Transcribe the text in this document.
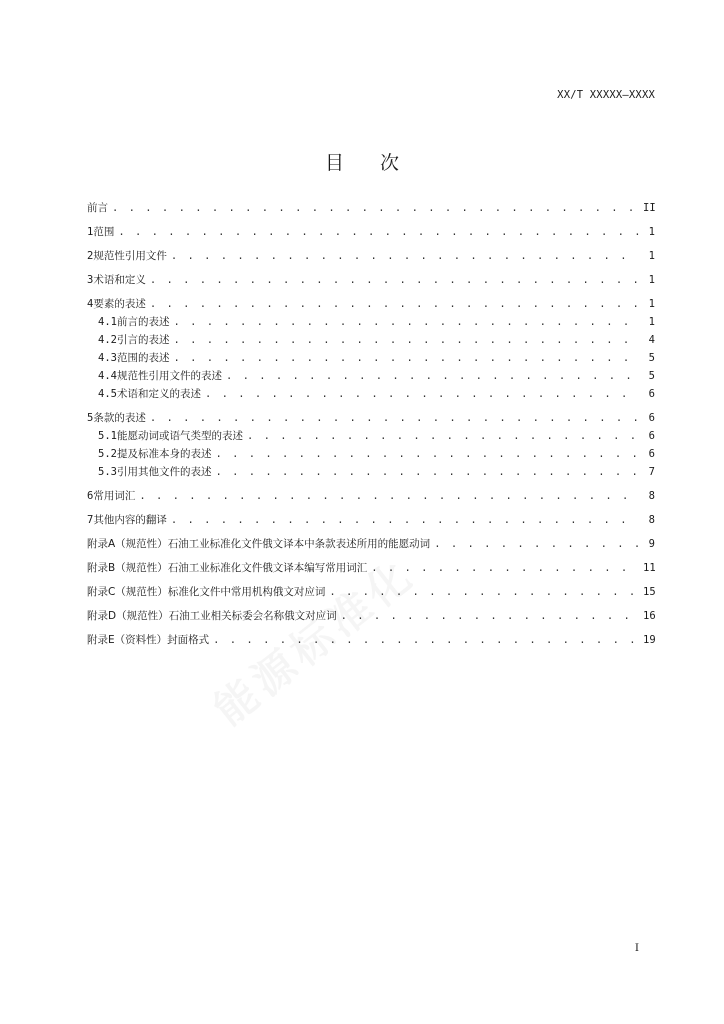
XX/T XXXXX—XXXX
目次
前言 . . .	II
1 范围 . . .	1
2 规范性引用文件 . . .	1
3 术语和定义 . . .	1
4 要素的表述 . . .	1
4.1 前言的表述 . . .	1
4.2 引言的表述 . . .	4
4.3 范围的表述 . . .	5
4.4 规范性引用文件的表述 . . .	5
4.5 术语和定义的表述 . . .	6
5 条款的表述 . . .	6
5.1 能愿动词或语气类型的表述 . . .	6
5.2 提及标准本身的表述 . . .	6
5.3 引用其他文件的表述 . . .	7
6 常用词汇 . . .	8
7 其他内容的翻译 . . .	8
附录A（规范性） 石油工业标准化文件俄文译本中条款表述所用的能愿动词 . . .	9
附录B（规范性） 石油工业标准化文件俄文译本编写常用词汇 . . .	11
附录C（规范性） 标准化文件中常用机构俄文对应词 . . .	15
附录D（规范性） 石油工业相关标委会名称俄文对应词 . . .	16
附录E（资料性） 封面格式 . . .	19
I
